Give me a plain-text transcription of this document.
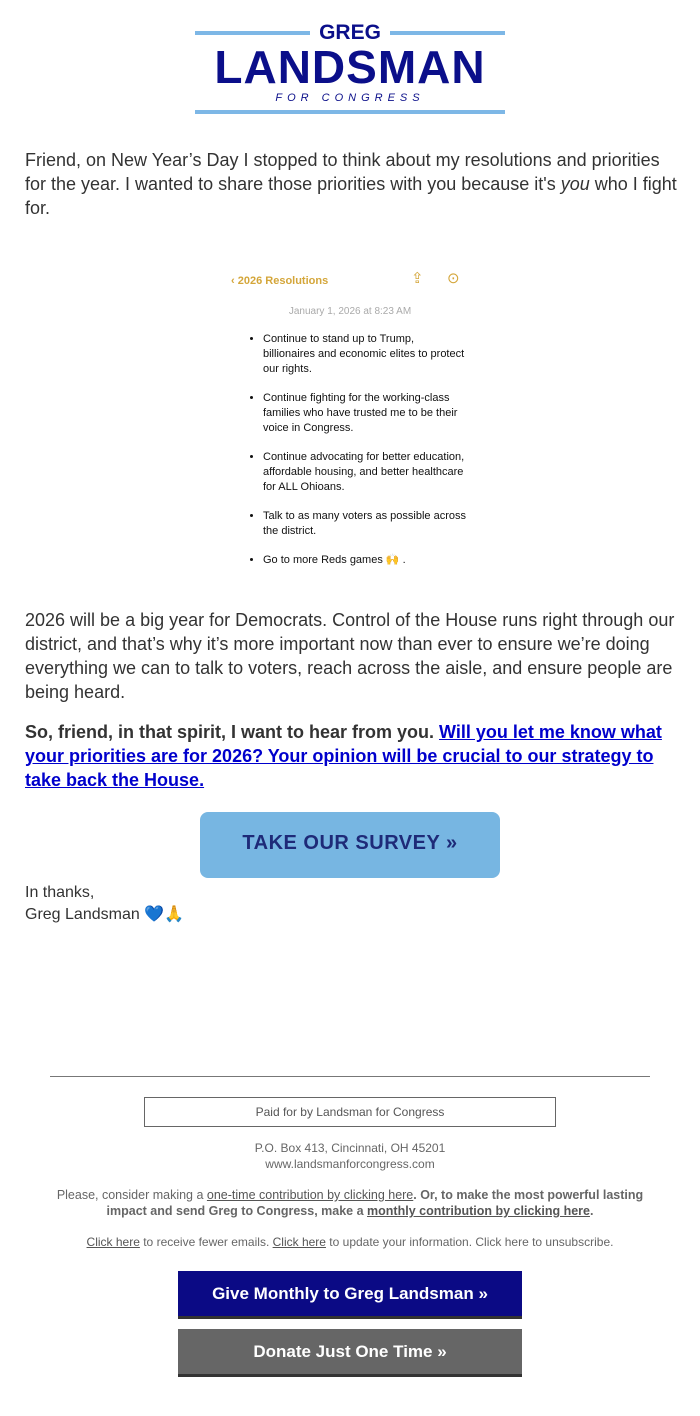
GREG
LANDSMAN
FOR CONGRESS

Friend, on New Year’s Day I stopped to think about my resolutions and priorities for the year. I wanted to share those priorities with you because it's you who I fight for.

‹ 2026 Resolutions	⇪ ⊙
January 1, 2026 at 8:23 AM
• Continue to stand up to Trump, billionaires and economic elites to protect our rights.
• Continue fighting for the working-class families who have trusted me to be their voice in Congress.
• Continue advocating for better education, affordable housing, and better healthcare for ALL Ohioans.
• Talk to as many voters as possible across the district.
• Go to more Reds games 🙌 .

2026 will be a big year for Democrats. Control of the House runs right through our district, and that’s why it’s more important now than ever to ensure we’re doing everything we can to talk to voters, reach across the aisle, and ensure people are being heard.

So, friend, in that spirit, I want to hear from you. Will you let me know what your priorities are for 2026? Your opinion will be crucial to our strategy to take back the House.

TAKE OUR SURVEY »
In thanks,
Greg Landsman 💙🙏
Paid for by Landsman for Congress
P.O. Box 413, Cincinnati, OH 45201
www.landsmanforcongress.com
Please, consider making a one-time contribution by clicking here. Or, to make the most powerful lasting impact and send Greg to Congress, make a monthly contribution by clicking here.
Click here to receive fewer emails. Click here to update your information. Click here to unsubscribe.
Give Monthly to Greg Landsman »
Donate Just One Time »
